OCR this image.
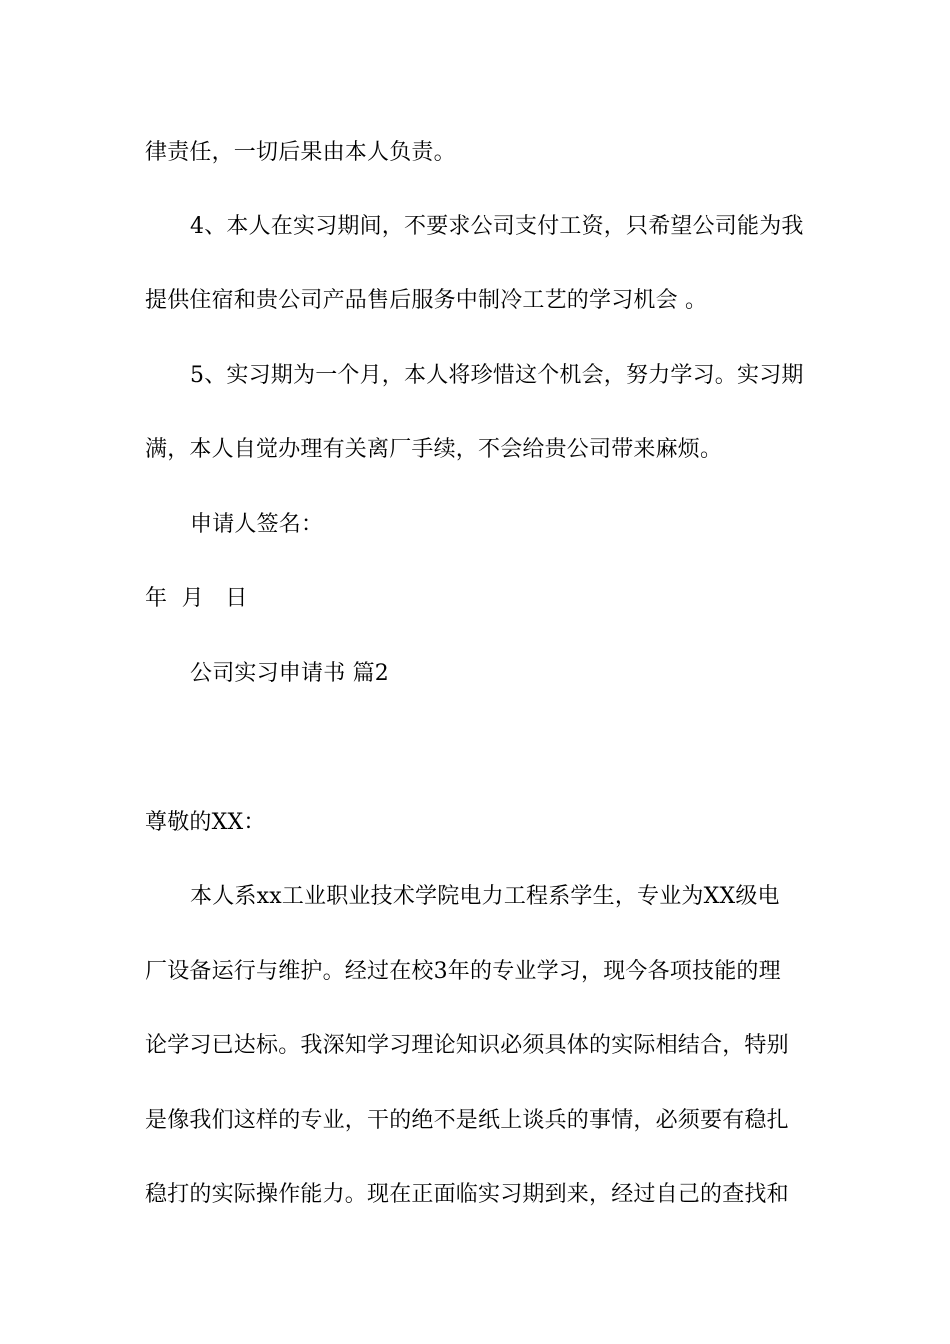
律责任，一切后果由本人负责。
4、本人在实习期间，不要求公司支付工资，只希望公司能为我
提供住宿和贵公司产品售后服务中制冷工艺的学习机会 。
5、实习期为一个月，本人将珍惜这个机会，努力学习。实习期
满，本人自觉办理有关离厂手续，不会给贵公司带来麻烦。
申请人签名：
年  月   日
公司实习申请书 篇2
尊敬的XX：
本人系xx工业职业技术学院电力工程系学生，专业为XX级电
厂设备运行与维护。经过在校3年的专业学习，现今各项技能的理
论学习已达标。我深知学习理论知识必须具体的实际相结合，特别
是像我们这样的专业，干的绝不是纸上谈兵的事情，必须要有稳扎
稳打的实际操作能力。现在正面临实习期到来，经过自己的查找和
